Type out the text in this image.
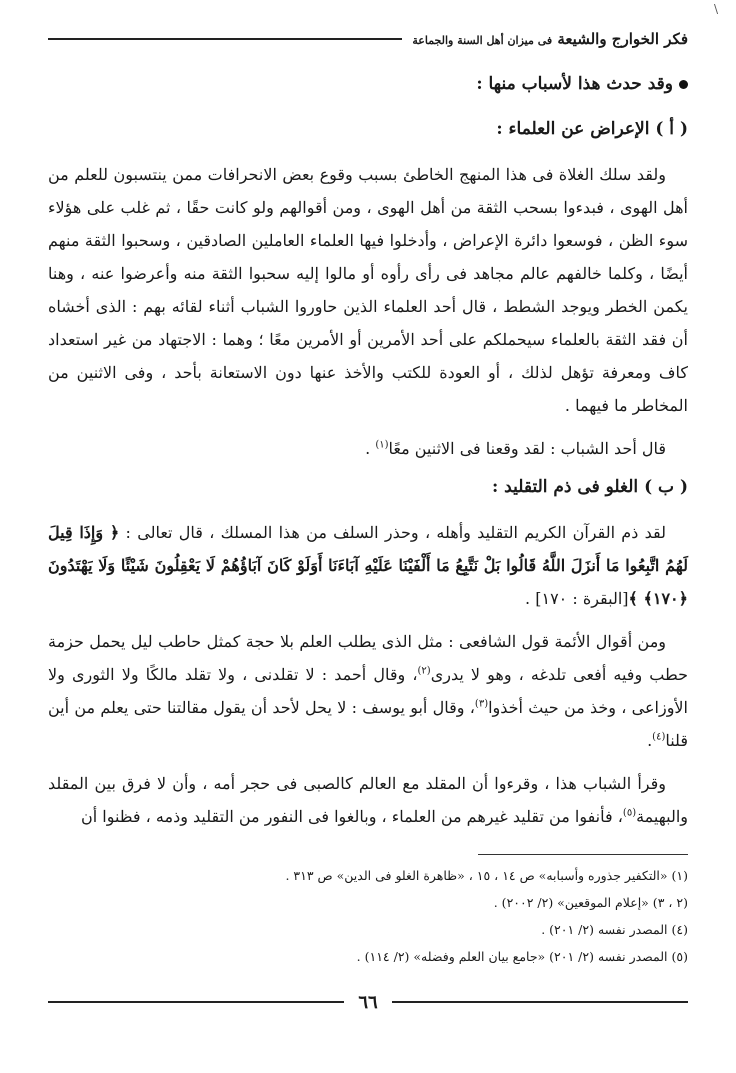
\
فكر الخوارج والشيعة فى ميزان أهل السنة والجماعة

وقد حدث هذا لأسباب منها :

( أ ) الإعراض عن العلماء :

ولقد سلك الغلاة فى هذا المنهج الخاطئ بسبب وقوع بعض الانحرافات ممن ينتسبون للعلم من أهل الهوى ، فبدءوا بسحب الثقة من أهل الهوى ، ومن أقوالهم ولو كانت حقًا ، ثم غلب على هؤلاء سوء الظن ، فوسعوا دائرة الإعراض ، وأدخلوا فيها العلماء العاملين الصادقين ، وسحبوا الثقة منهم أيضًا ، وكلما خالفهم عالم مجاهد فى رأى رأوه أو مالوا إليه سحبوا الثقة منه وأعرضوا عنه ، وهنا يكمن الخطر ويوجد الشطط ، قال أحد العلماء الذين حاوروا الشباب أثناء لقائه بهم : الذى أخشاه أن فقد الثقة بالعلماء سيحملكم على أحد الأمرين أو الأمرين معًا ؛ وهما : الاجتهاد من غير استعداد كاف ومعرفة تؤهل لذلك ، أو العودة للكتب والأخذ عنها دون الاستعانة بأحد ، وفى الاثنين من المخاطر ما فيهما .

قال أحد الشباب : لقد وقعنا فى الاثنين معًا$^{(١)}$ .

( ب ) الغلو فى ذم التقليد :

لقد ذم القرآن الكريم التقليد وأهله ، وحذر السلف من هذا المسلك ، قال تعالى : ﴿ وَإِذَا قِيلَ لَهُمُ اتَّبِعُوا مَا أَنزَلَ اللَّهُ قَالُوا بَلْ نَتَّبِعُ مَا أَلْفَيْنَا عَلَيْهِ آبَاءَنَا أَوَلَوْ كَانَ آبَاؤُهُمْ لَا يَعْقِلُونَ شَيْئًا وَلَا يَهْتَدُونَ ﴿١٧٠﴾ ﴾[البقرة : ١٧٠] .

ومن أقوال الأئمة قول الشافعى : مثل الذى يطلب العلم بلا حجة كمثل حاطب ليل يحمل حزمة حطب وفيه أفعى تلدغه ، وهو لا يدرى$^{(٢)}$، وقال أحمد : لا تقلدنى ، ولا تقلد مالكًا ولا الثورى ولا الأوزاعى ، وخذ من حيث أخذوا$^{(٣)}$، وقال أبو يوسف : لا يحل لأحد أن يقول مقالتنا حتى يعلم من أين قلنا$^{(٤)}$.

وقرأ الشباب هذا ، وقرءوا أن المقلد مع العالم كالصبى فى حجر أمه ، وأن لا فرق بين المقلد والبهيمة$^{(٥)}$، فأنفوا من تقليد غيرهم من العلماء ، وبالغوا فى النفور من التقليد وذمه ، فظنوا أن

(١) «التكفير جذوره وأسبابه» ص ١٤ ، ١٥ ، «ظاهرة الغلو فى الدين» ص ٣١٣ .
(٢ ، ٣) «إعلام الموقعين» (٢/ ٢٠٠٢) .
(٤) المصدر نفسه (٢/ ٢٠١) .
(٥) المصدر نفسه (٢/ ٢٠١) «جامع بيان العلم وفضله» (٢/ ١١٤) .
٦٦
